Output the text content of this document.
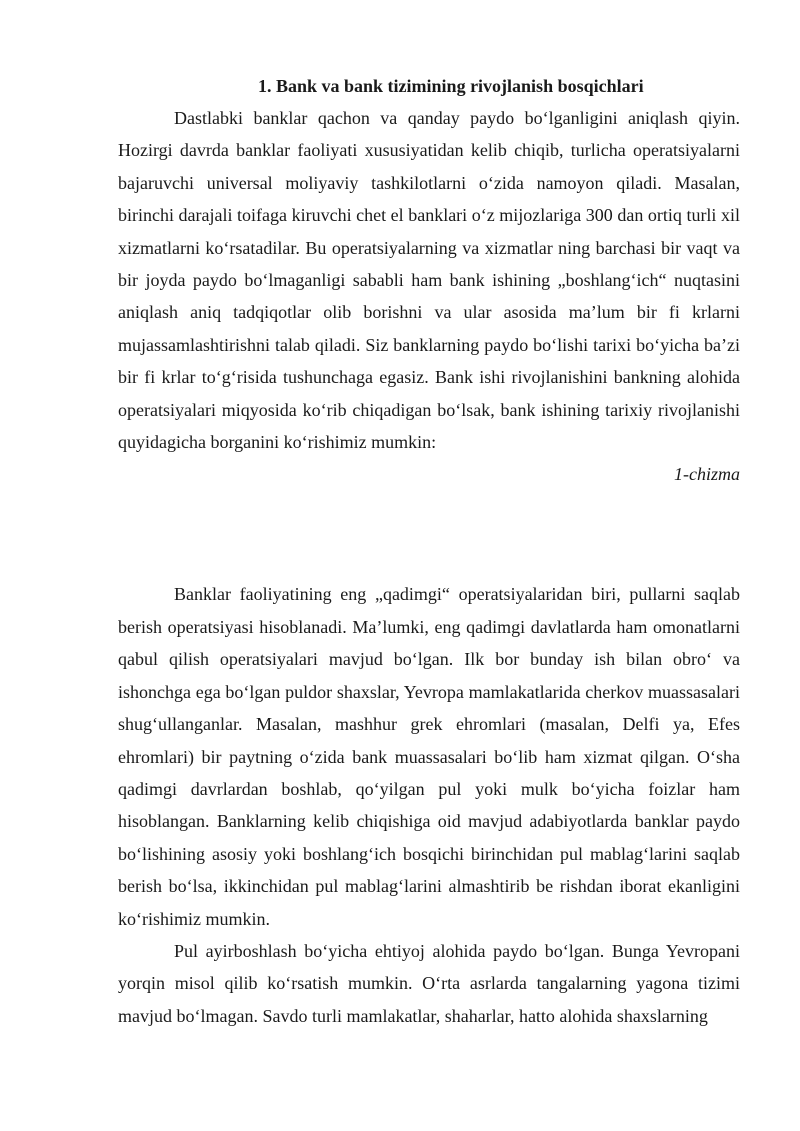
1. Bank va bank tizimining rivojlanish bosqichlari

Dastlabki banklar qachon va qanday paydo bo‘lganligini aniqlash qiyin. Hozirgi davrda banklar faoliyati xususiyatidan kelib chiqib, turlicha operatsiyalarni bajaruvchi universal moliyaviy tashkilotlarni o‘zida namoyon qiladi. Masalan, birinchi darajali toifaga kiruvchi chet el banklari o‘z mijozlariga 300 dan ortiq turli xil xizmatlarni ko‘rsatadilar. Bu operatsiyalarning va xizmatlar ning barchasi bir vaqt va bir joyda paydo bo‘lmaganligi sababli ham bank ishining „boshlang‘ich“ nuqtasini aniqlash aniq tadqiqotlar olib borishni va ular asosida ma’lum bir fi krlarni mujassamlashtirishni talab qiladi. Siz banklarning paydo bo‘lishi tarixi bo‘yicha ba’zi bir fi krlar to‘g‘risida tushunchaga egasiz. Bank ishi rivojlanishini bankning alohida operatsiyalari miqyosida ko‘rib chiqadigan bo‘lsak, bank ishining tarixiy rivojlanishi quyidagicha borganini ko‘rishimiz mumkin:

1-chizma

Banklar faoliyatining eng „qadimgi“ operatsiyalaridan biri, pullarni saqlab berish operatsiyasi hisoblanadi. Ma’lumki, eng qadimgi davlatlarda ham omonatlarni qabul qilish operatsiyalari mavjud bo‘lgan. Ilk bor bunday ish bilan obro‘ va ishonchga ega bo‘lgan puldor shaxslar, Yevropa mamlakatlarida cherkov muassasalari shug‘ullanganlar. Masalan, mashhur grek ehromlari (masalan, Delfi ya, Efes ehromlari) bir paytning o‘zida bank muassasalari bo‘lib ham xizmat qilgan. O‘sha qadimgi davrlardan boshlab, qo‘yilgan pul yoki mulk bo‘yicha foizlar ham hisoblangan. Banklarning kelib chiqishiga oid mavjud adabiyotlarda banklar paydo bo‘lishining asosiy yoki boshlang‘ich bosqichi birinchidan pul mablag‘larini saqlab berish bo‘lsa, ikkinchidan pul mablag‘larini almashtirib be rishdan iborat ekanligini ko‘rishimiz mumkin.

Pul ayirboshlash bo‘yicha ehtiyoj alohida paydo bo‘lgan. Bunga Yevropani yorqin misol qilib ko‘rsatish mumkin. O‘rta asrlarda tangalarning yagona tizimi mavjud bo‘lmagan. Savdo turli mamlakatlar, shaharlar, hatto alohida shaxslarning
